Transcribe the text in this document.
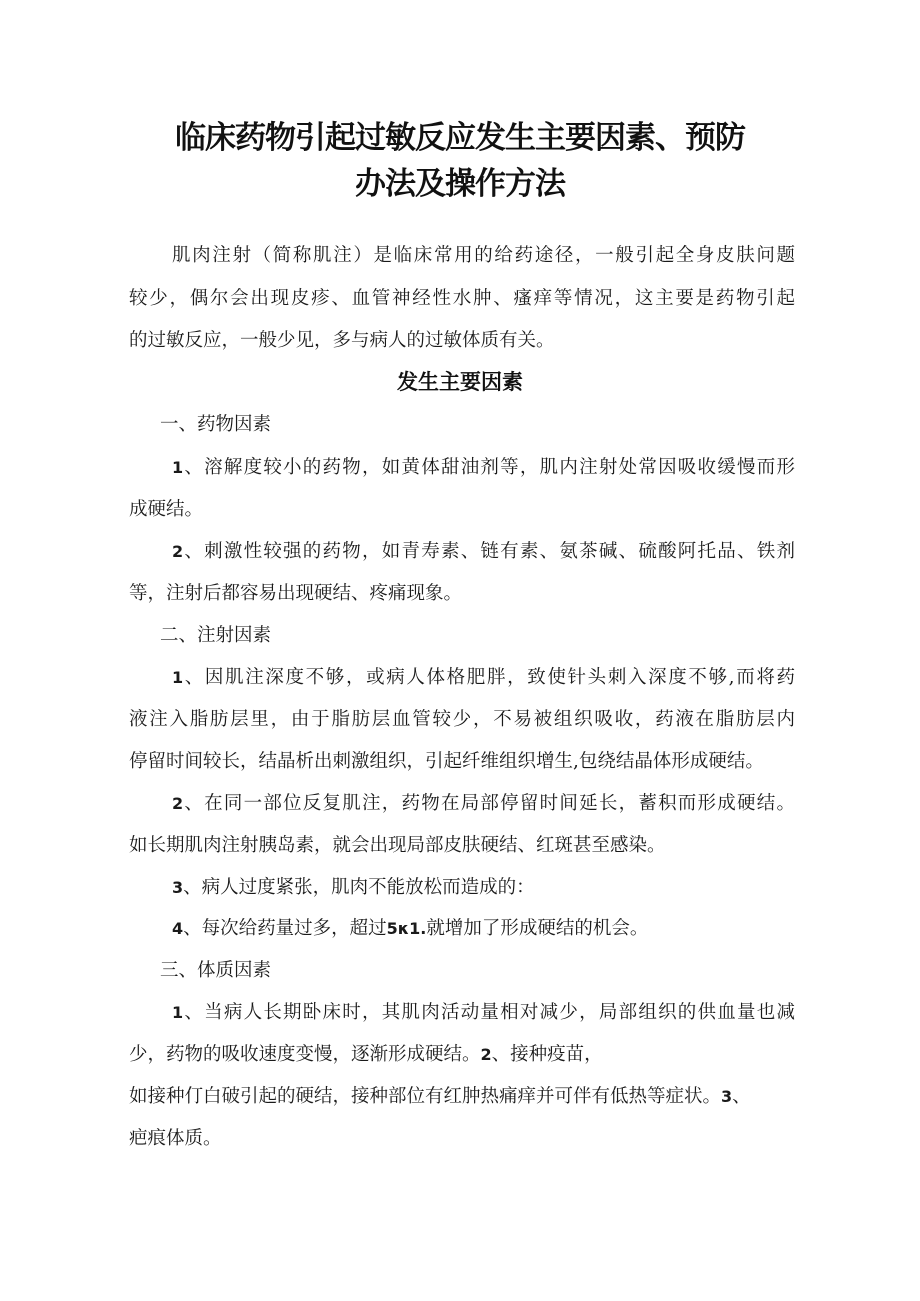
临床药物引起过敏反应发生主要因素、预防
办法及操作方法

肌肉注射（简称肌注）是临床常用的给药途径，一般引起全身皮肤问题

较少，偶尔会出现皮疹、血管神经性水肿、瘙痒等情况，这主要是药物引起

的过敏反应，一般少见，多与病人的过敏体质有关。

发生主要因素

一、药物因素

1、溶解度较小的药物，如黄体甜油剂等，肌内注射处常因吸收缓慢而形

成硬结。

2、刺激性较强的药物，如青寿素、链有素、氨茶碱、硫酸阿托品、铁剂

等，注射后都容易出现硬结、疼痛现象。

二、注射因素

1、因肌注深度不够，或病人体格肥胖，致使针头刺入深度不够,而将药

液注入脂肪层里，由于脂肪层血管较少，不易被组织吸收，药液在脂肪层内

停留时间较长，结晶析出刺激组织，引起纤维组织增生,包绕结晶体形成硬结。

2、在同一部位反复肌注，药物在局部停留时间延长，蓄积而形成硬结。

如长期肌肉注射胰岛素，就会出现局部皮肤硬结、红斑甚至感染。

3、病人过度紧张，肌肉不能放松而造成的：

4、每次给药量过多，超过5κ1.就增加了形成硬结的机会。

三、体质因素

1、当病人长期卧床时，其肌肉活动量相对减少，局部组织的供血量也减

少，药物的吸收速度变慢，逐渐形成硬结。2、接种疫苗，

如接种仃白破引起的硬结，接种部位有红肿热痛痒并可伴有低热等症状。3、

疤痕体质。
